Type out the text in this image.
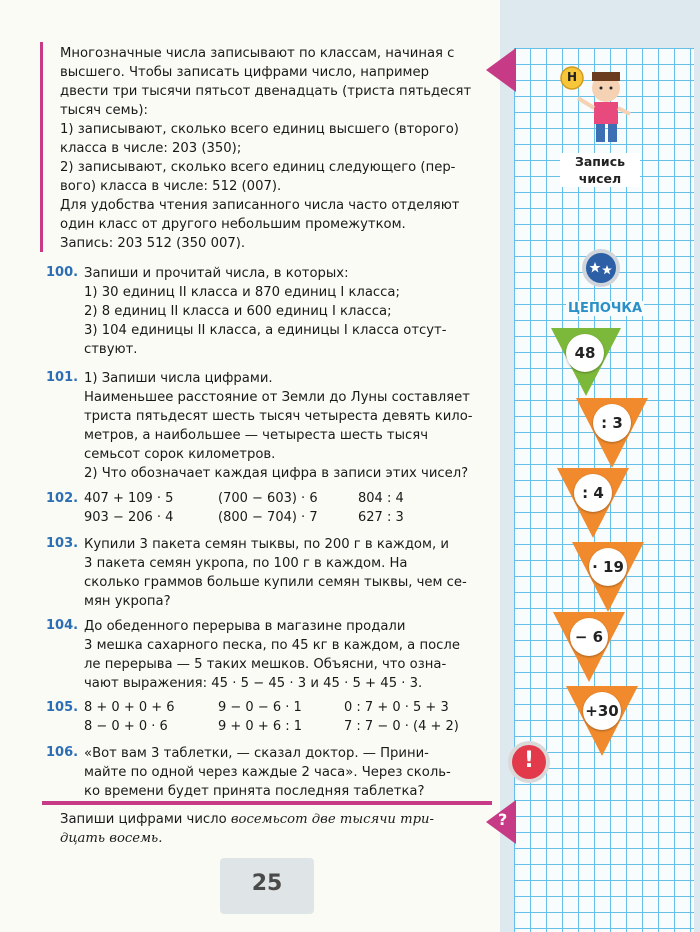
Многозначные числа записывают по классам, начиная с
высшего. Чтобы записать цифрами число, например
двести три тысячи пятьсот двенадцать (триста пятьдесят
тысяч семь):
1) записывают, сколько всего единиц высшего (второго)
класса в числе: 203 (350);
2) записывают, сколько всего единиц следующего (пер-
вого) класса в числе: 512 (007).
Для удобства чтения записанного числа часто отделяют
один класс от другого небольшим промежутком.
Запись: 203 512 (350 007).
100. Запиши и прочитай числа, в которых:
1) 30 единиц II класса и 870 единиц I класса;
2) 8 единиц II класса и 600 единиц I класса;
3) 104 единицы II класса, а единицы I класса отсут-
ствуют.
101. 1) Запиши числа цифрами.
Наименьшее расстояние от Земли до Луны составляет
триста пятьдесят шесть тысяч четыреста девять кило-
метров, а наибольшее — четыреста шесть тысяч
семьсот сорок километров.
2) Что обозначает каждая цифра в записи этих чисел?
102. 407 + 109 · 5	(700 − 603) · 6	804 : 4
903 − 206 · 4	(800 − 704) · 7	627 : 3
103. Купили 3 пакета семян тыквы, по 200 г в каждом, и
3 пакета семян укропа, по 100 г в каждом. На
сколько граммов больше купили семян тыквы, чем се-
мян укропа?
104. До обеденного перерыва в магазине продали
3 мешка сахарного песка, по 45 кг в каждом, а после
ле перерыва — 5 таких мешков. Объясни, что озна-
чают выражения: 45 · 5 − 45 · 3 и 45 · 5 + 45 · 3.
105. 8 + 0 + 0 + 6	9 − 0 − 6 · 1	0 : 7 + 0 · 5 + 3
8 − 0 + 0 · 6	9 + 0 + 6 : 1	7 : 7 − 0 · (4 + 2)
106. «Вот вам 3 таблетки, — сказал доктор. — Прини-
майте по одной через каждые 2 часа». Через сколь-
ко времени будет принята последняя таблетка?
Запиши цифрами число восемьсот две тысячи три-
дцать восемь.
?
25
Н
Запись
чисел
ЦЕПОЧКА
48
: 3
: 4
· 19
− 6
+30
!
